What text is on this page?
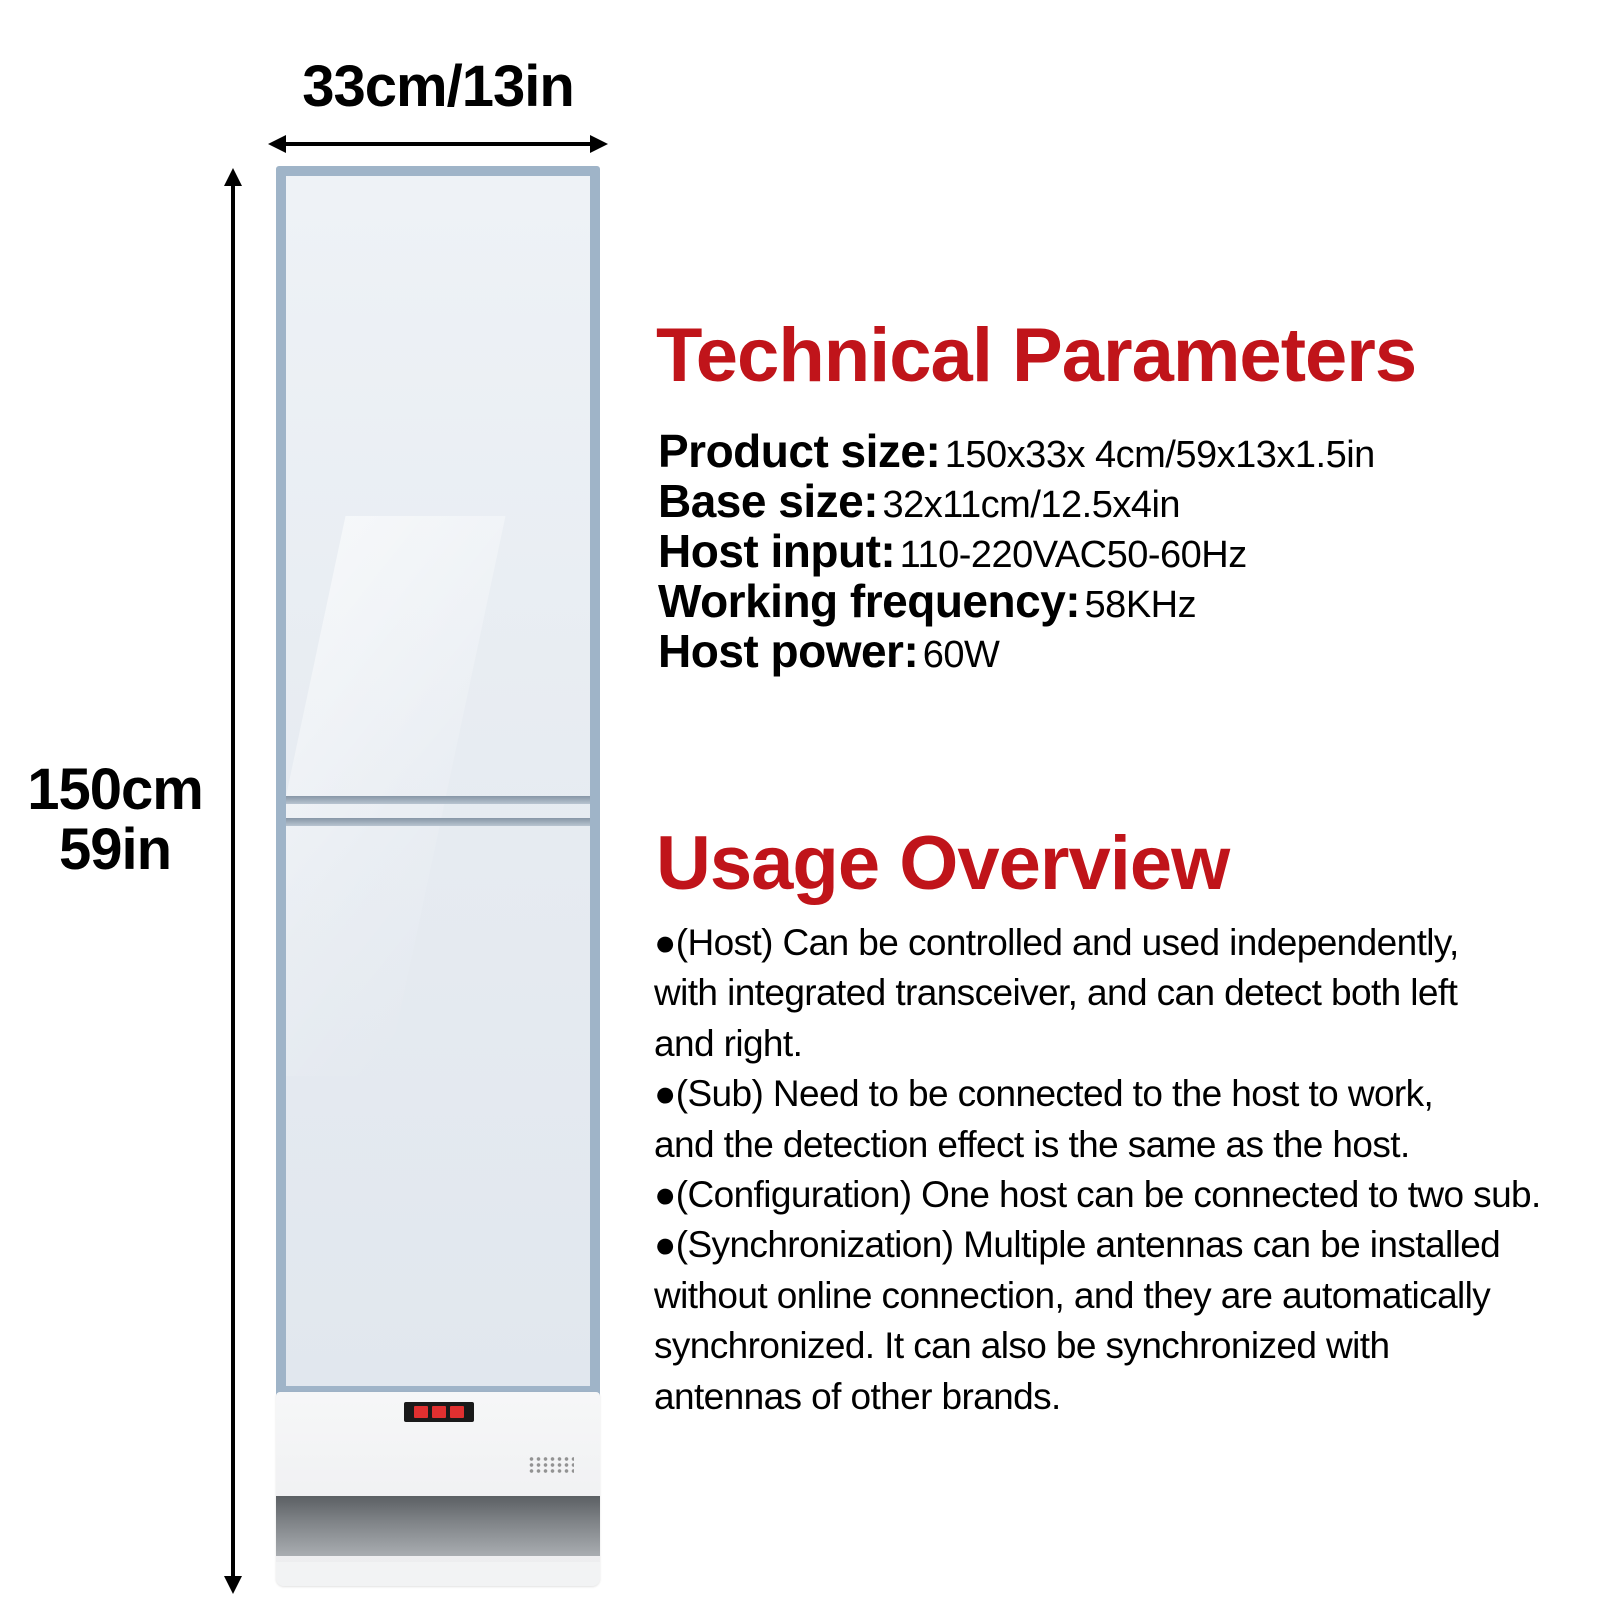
33cm/13in
150cm
59in
Technical Parameters
Product size: 150x33x 4cm/59x13x1.5in
Base size: 32x11cm/12.5x4in
Host input: 110-220VAC50-60Hz
Working frequency: 58KHz
Host power: 60W
Usage Overview
●(Host) Can be controlled and used independently,
with integrated transceiver, and can detect both left
and right.
●(Sub) Need to be connected to the host to work,
and the detection effect is the same as the host.
●(Configuration) One host can be connected to two sub.
●(Synchronization) Multiple antennas can be installed
without online connection, and they are automatically
synchronized. It can also be synchronized with
antennas of other brands.
